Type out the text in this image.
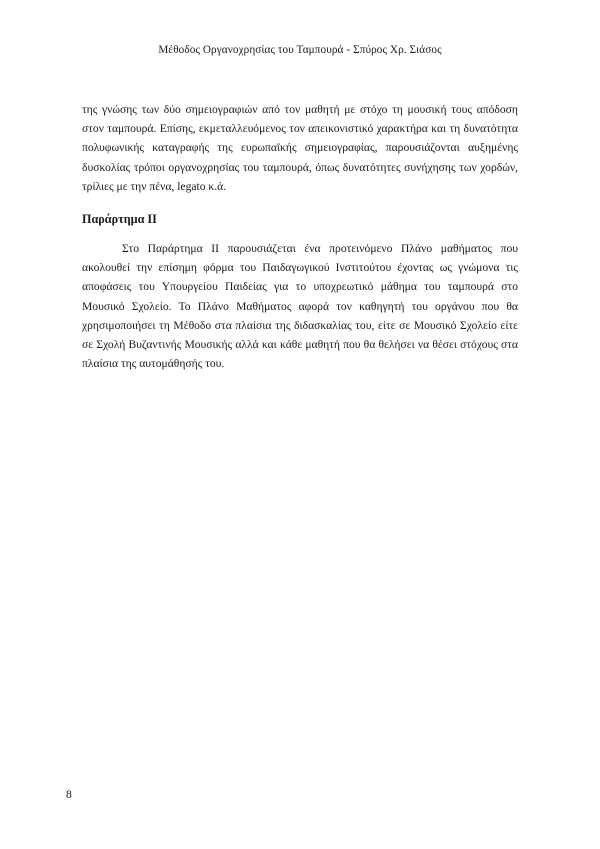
Μέθοδος Οργανοχρησίας του Ταμπουρά - Σπύρος Χρ. Σιάσος

της γνώσης των δύο σημειογραφιών από τον μαθητή με στόχο τη μουσική τους απόδοση στον ταμπουρά. Επίσης, εκμεταλλευόμενος τον απεικονιστικό χαρακτήρα και τη δυνατότητα πολυφωνικής καταγραφής της ευρωπαϊκής σημειογραφίας, παρουσιάζονται αυξημένης δυσκολίας τρόποι οργανοχρησίας του ταμπουρά, όπως δυνατότητες συνήχησης των χορδών, τρίλιες με την πένα, legato κ.ά.

Παράρτημα ΙΙ

Στο Παράρτημα ΙΙ παρουσιάζεται ένα προτεινόμενο Πλάνο μαθήματος που ακολουθεί την επίσημη φόρμα του Παιδαγωγικού Ινστιτούτου έχοντας ως γνώμονα τις αποφάσεις του Υπουργείου Παιδείας για το υποχρεωτικό μάθημα του ταμπουρά στο Μουσικό Σχολείο. Το Πλάνο Μαθήματος αφορά τον καθηγητή του οργάνου που θα χρησιμοποιήσει τη Μέθοδο στα πλαίσια της διδασκαλίας του, είτε σε Μουσικό Σχολείο είτε σε Σχολή Βυζαντινής Μουσικής αλλά και κάθε μαθητή που θα θελήσει να θέσει στόχους στα πλαίσια της αυτομάθησής του.

8
